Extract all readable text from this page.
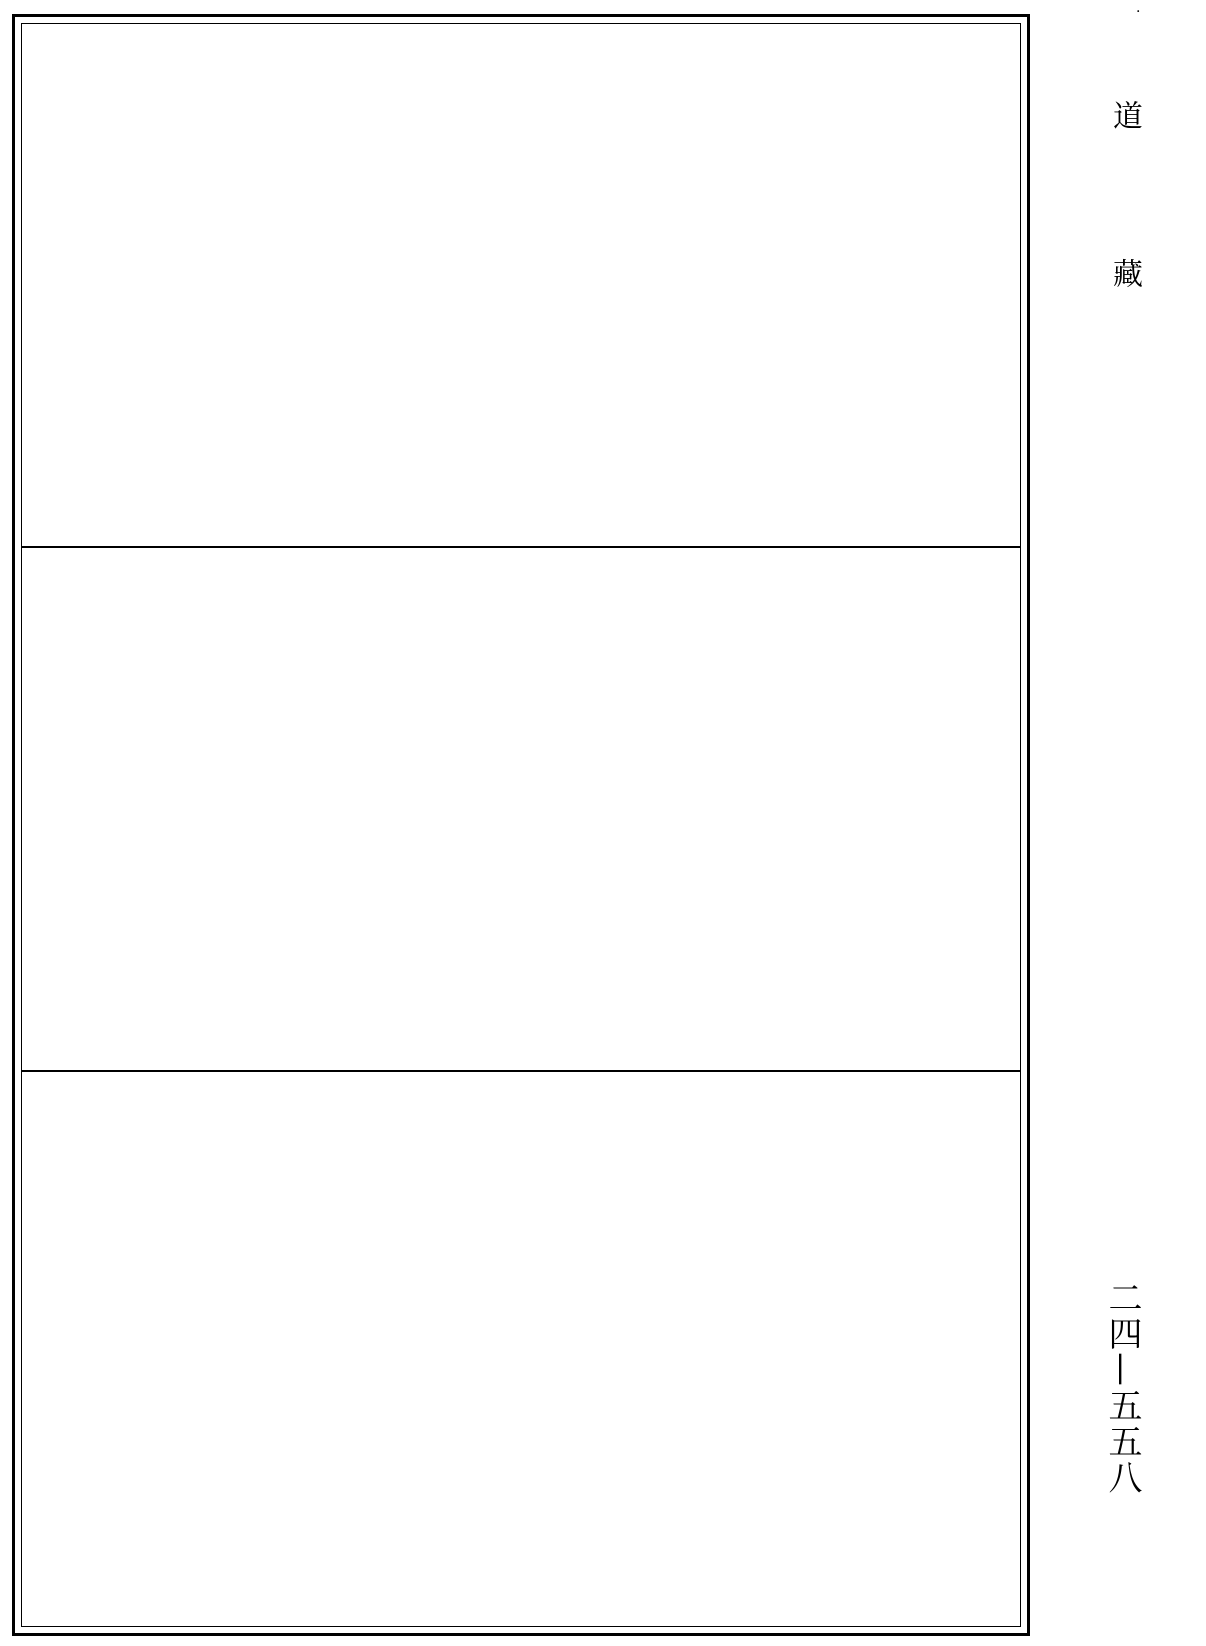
道
藏
二四—五五八
·
